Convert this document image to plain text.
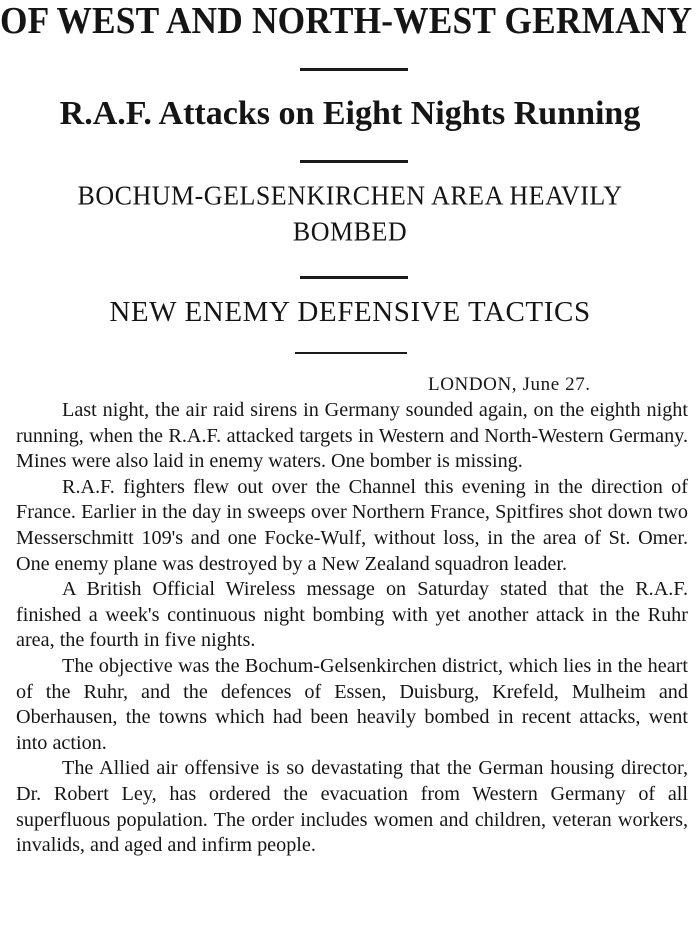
OF WEST AND NORTH-WEST GERMANY
R.A.F. Attacks on Eight Nights Running
BOCHUM-GELSENKIRCHEN AREA HEAVILY BOMBED
NEW ENEMY DEFENSIVE TACTICS

LONDON, June 27.

Last night, the air raid sirens in Germany sounded again, on the eighth night running, when the R.A.F. attacked targets in Western and North-Western Germany. Mines were also laid in enemy waters. One bomber is missing.

R.A.F. fighters flew out over the Channel this evening in the direction of France. Earlier in the day in sweeps over Northern France, Spitfires shot down two Messerschmitt 109's and one Focke-Wulf, without loss, in the area of St. Omer. One enemy plane was destroyed by a New Zealand squadron leader.

A British Official Wireless message on Saturday stated that the R.A.F. finished a week's continuous night bombing with yet another attack in the Ruhr area, the fourth in five nights.

The objective was the Bochum-Gelsenkirchen district, which lies in the heart of the Ruhr, and the defences of Essen, Duisburg, Krefeld, Mulheim and Oberhausen, the towns which had been heavily bombed in recent attacks, went into action.

The Allied air offensive is so devastating that the German housing director, Dr. Robert Ley, has ordered the evacuation from Western Germany of all superfluous population. The order includes women and children, veteran workers, invalids, and aged and infirm people.
